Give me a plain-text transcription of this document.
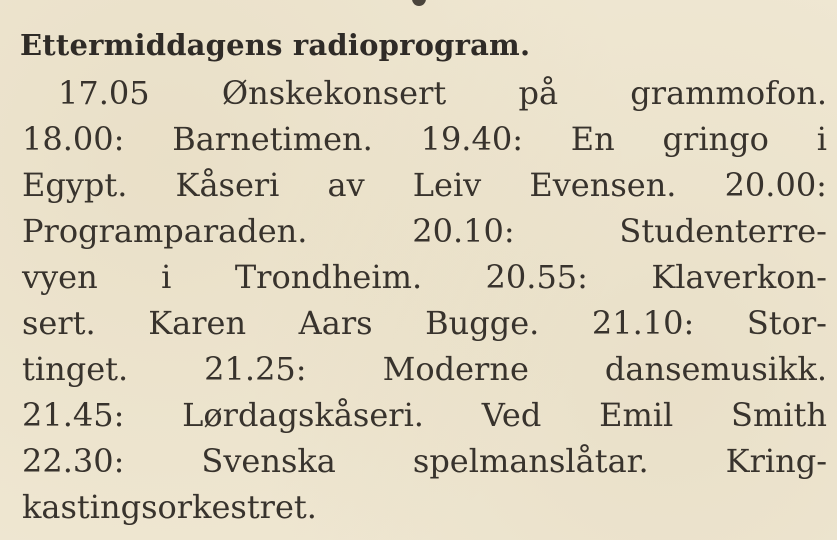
Ettermiddagens radioprogram.
17.05 Ønskekonsert på grammofon.
18.00: Barnetimen. 19.40: En gringo i
Egypt. Kåseri av Leiv Evensen. 20.00:
Programparaden.	20.10:	Studenterre-
vyen i Trondheim. 20.55: Klaverkon-
sert. Karen Aars Bugge. 21.10: Stor-
tinget. 21.25: Moderne dansemusikk.
21.45: Lørdagskåseri. Ved Emil Smith
22.30: Svenska spelmanslåtar. Kring-
kastingsorkestret.
